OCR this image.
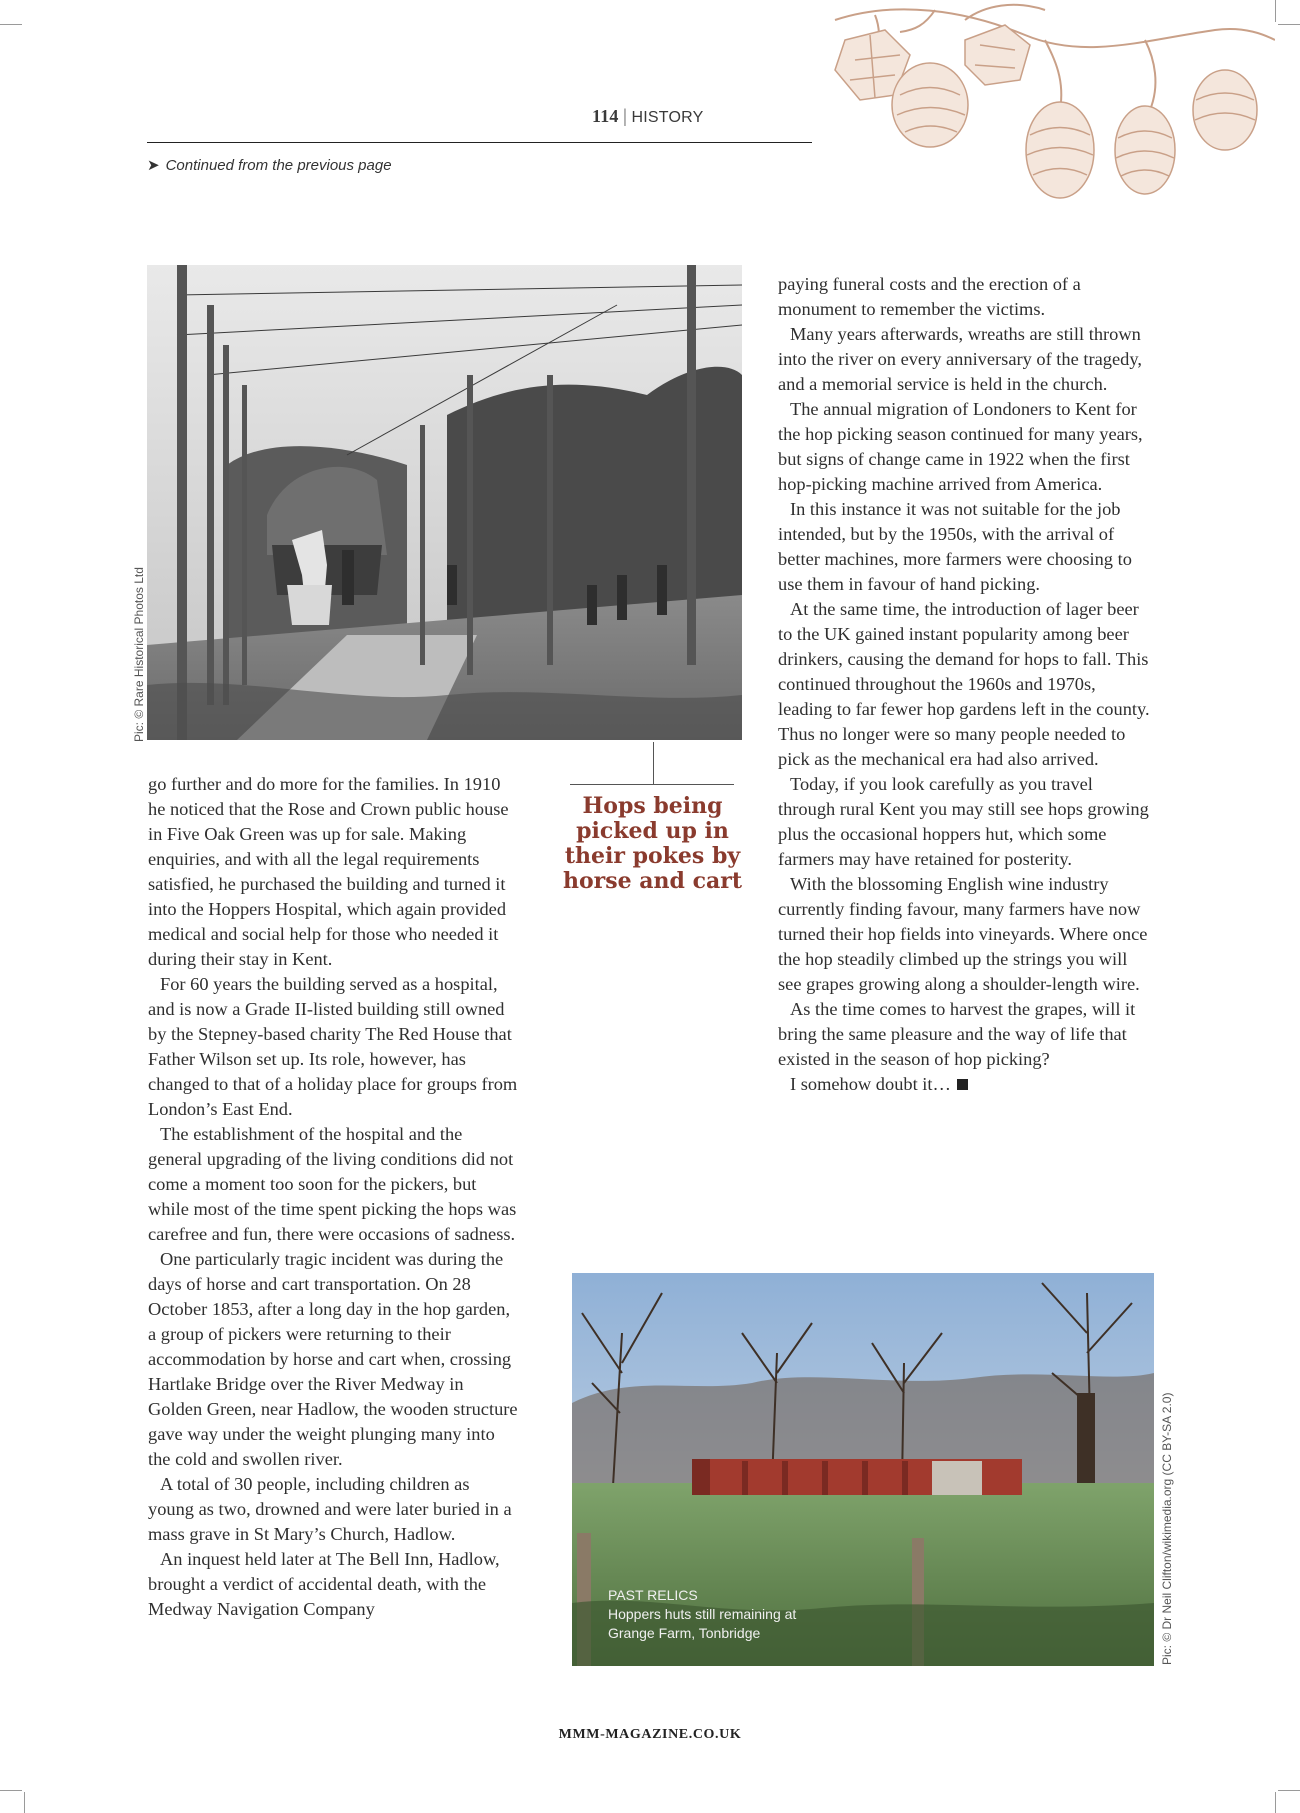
114 | HISTORY
➤ Continued from the previous page
Pic: © Rare Historical Photos Ltd
Hops being picked up in their pokes by horse and cart

go further and do more for the families. In 1910 he noticed that the Rose and Crown public house in Five Oak Green was up for sale. Making enquiries, and with all the legal requirements satisfied, he purchased the building and turned it into the Hoppers Hospital, which again provided medical and social help for those who needed it during their stay in Kent.

For 60 years the building served as a hospital, and is now a Grade II-listed building still owned by the Stepney-based charity The Red House that Father Wilson set up. Its role, however, has changed to that of a holiday place for groups from London’s East End.

The establishment of the hospital and the general upgrading of the living conditions did not come a moment too soon for the pickers, but while most of the time spent picking the hops was carefree and fun, there were occasions of sadness.

One particularly tragic incident was during the days of horse and cart transportation. On 28 October 1853, after a long day in the hop garden, a group of pickers were returning to their accommodation by horse and cart when, crossing Hartlake Bridge over the River Medway in Golden Green, near Hadlow, the wooden structure gave way under the weight plunging many into the cold and swollen river.

A total of 30 people, including children as young as two, drowned and were later buried in a mass grave in St Mary’s Church, Hadlow.

An inquest held later at The Bell Inn, Hadlow, brought a verdict of accidental death, with the Medway Navigation Company

paying funeral costs and the erection of a monument to remember the victims.

Many years afterwards, wreaths are still thrown into the river on every anniversary of the tragedy, and a memorial service is held in the church.

The annual migration of Londoners to Kent for the hop picking season continued for many years, but signs of change came in 1922 when the first hop-picking machine arrived from America.

In this instance it was not suitable for the job intended, but by the 1950s, with the arrival of better machines, more farmers were choosing to use them in favour of hand picking.

At the same time, the introduction of lager beer to the UK gained instant popularity among beer drinkers, causing the demand for hops to fall. This continued throughout the 1960s and 1970s, leading to far fewer hop gardens left in the county. Thus no longer were so many people needed to pick as the mechanical era had also arrived.

Today, if you look carefully as you travel through rural Kent you may still see hops growing plus the occasional hoppers hut, which some farmers may have retained for posterity.

With the blossoming English wine industry currently finding favour, many farmers have now turned their hop fields into vineyards. Where once the hop steadily climbed up the strings you will see grapes growing along a shoulder-length wire.

As the time comes to harvest the grapes, will it bring the same pleasure and the way of life that existed in the season of hop picking?

I somehow doubt it…

PAST RELICS
Hoppers huts still remaining at
Grange Farm, Tonbridge	Pic: © Dr Neil Clifton/wikimedia.org (CC BY-SA 2.0)
MMM-MAGAZINE.CO.UK
